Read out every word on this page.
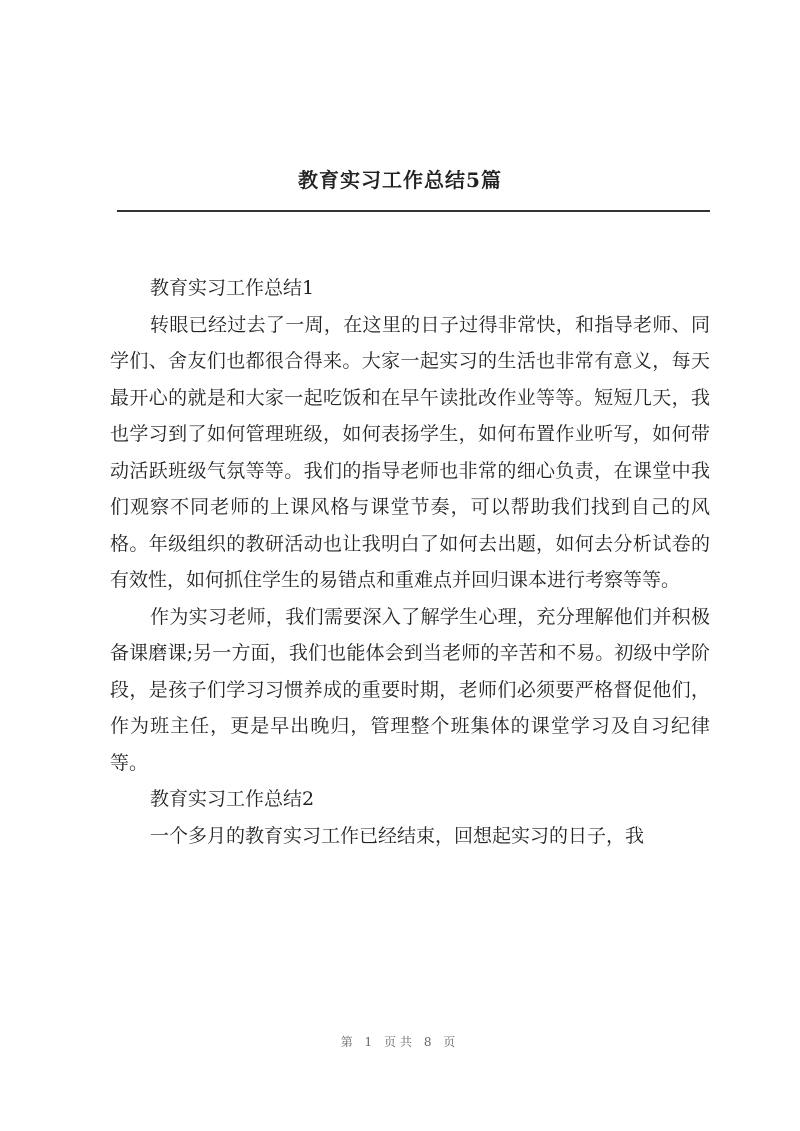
教育实习工作总结5篇

教育实习工作总结1

转眼已经过去了一周，在这里的日子过得非常快，和指导老师、同学们、舍友们也都很合得来。大家一起实习的生活也非常有意义，每天最开心的就是和大家一起吃饭和在早午读批改作业等等。短短几天，我也学习到了如何管理班级，如何表扬学生，如何布置作业听写，如何带动活跃班级气氛等等。我们的指导老师也非常的细心负责，在课堂中我们观察不同老师的上课风格与课堂节奏，可以帮助我们找到自己的风格。年级组织的教研活动也让我明白了如何去出题，如何去分析试卷的有效性，如何抓住学生的易错点和重难点并回归课本进行考察等等。

作为实习老师，我们需要深入了解学生心理，充分理解他们并积极备课磨课;另一方面，我们也能体会到当老师的辛苦和不易。初级中学阶段，是孩子们学习习惯养成的重要时期，老师们必须要严格督促他们，作为班主任，更是早出晚归，管理整个班集体的课堂学习及自习纪律等。

教育实习工作总结2

一个多月的教育实习工作已经结束，回想起实习的日子，我

第 1 页共 8 页
